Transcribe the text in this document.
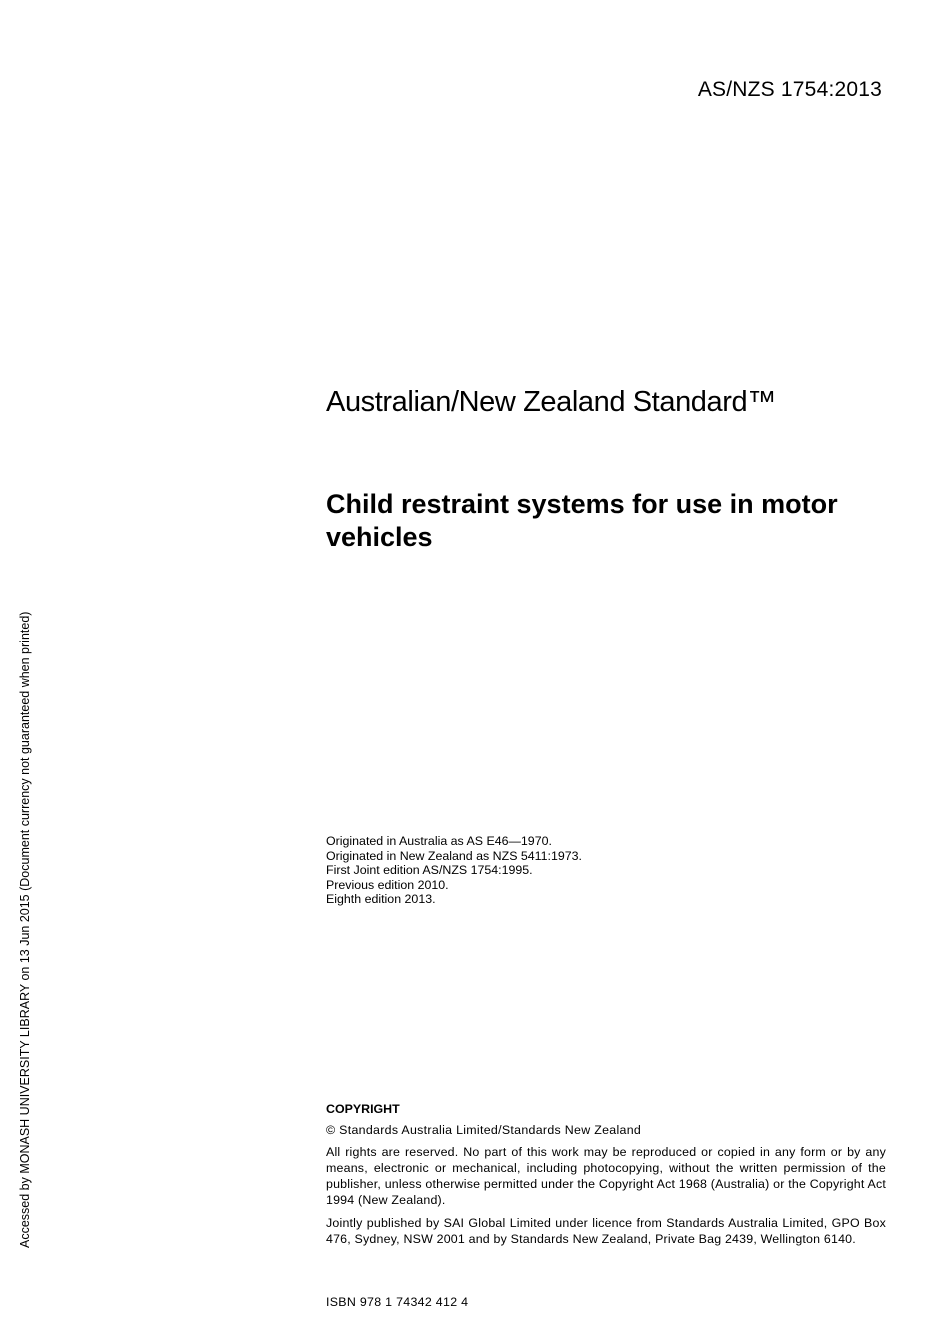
AS/NZS 1754:2013
Accessed by MONASH UNIVERSITY LIBRARY on 13 Jun 2015 (Document currency not guaranteed when printed)
Australian/New Zealand Standard™
Child restraint systems for use in motor vehicles
Originated in Australia as AS E46—1970.
Originated in New Zealand as NZS 5411:1973.
First Joint edition AS/NZS 1754:1995.
Previous edition 2010.
Eighth edition 2013.
COPYRIGHT
© Standards Australia Limited/Standards New Zealand

All rights are reserved. No part of this work may be reproduced or copied in any form or by any means, electronic or mechanical, including photocopying, without the written permission of the publisher, unless otherwise permitted under the Copyright Act 1968 (Australia) or the Copyright Act 1994 (New Zealand).

Jointly published by SAI Global Limited under licence from Standards Australia Limited, GPO Box 476, Sydney, NSW 2001 and by Standards New Zealand, Private Bag 2439, Wellington 6140.

ISBN 978 1 74342 412 4
